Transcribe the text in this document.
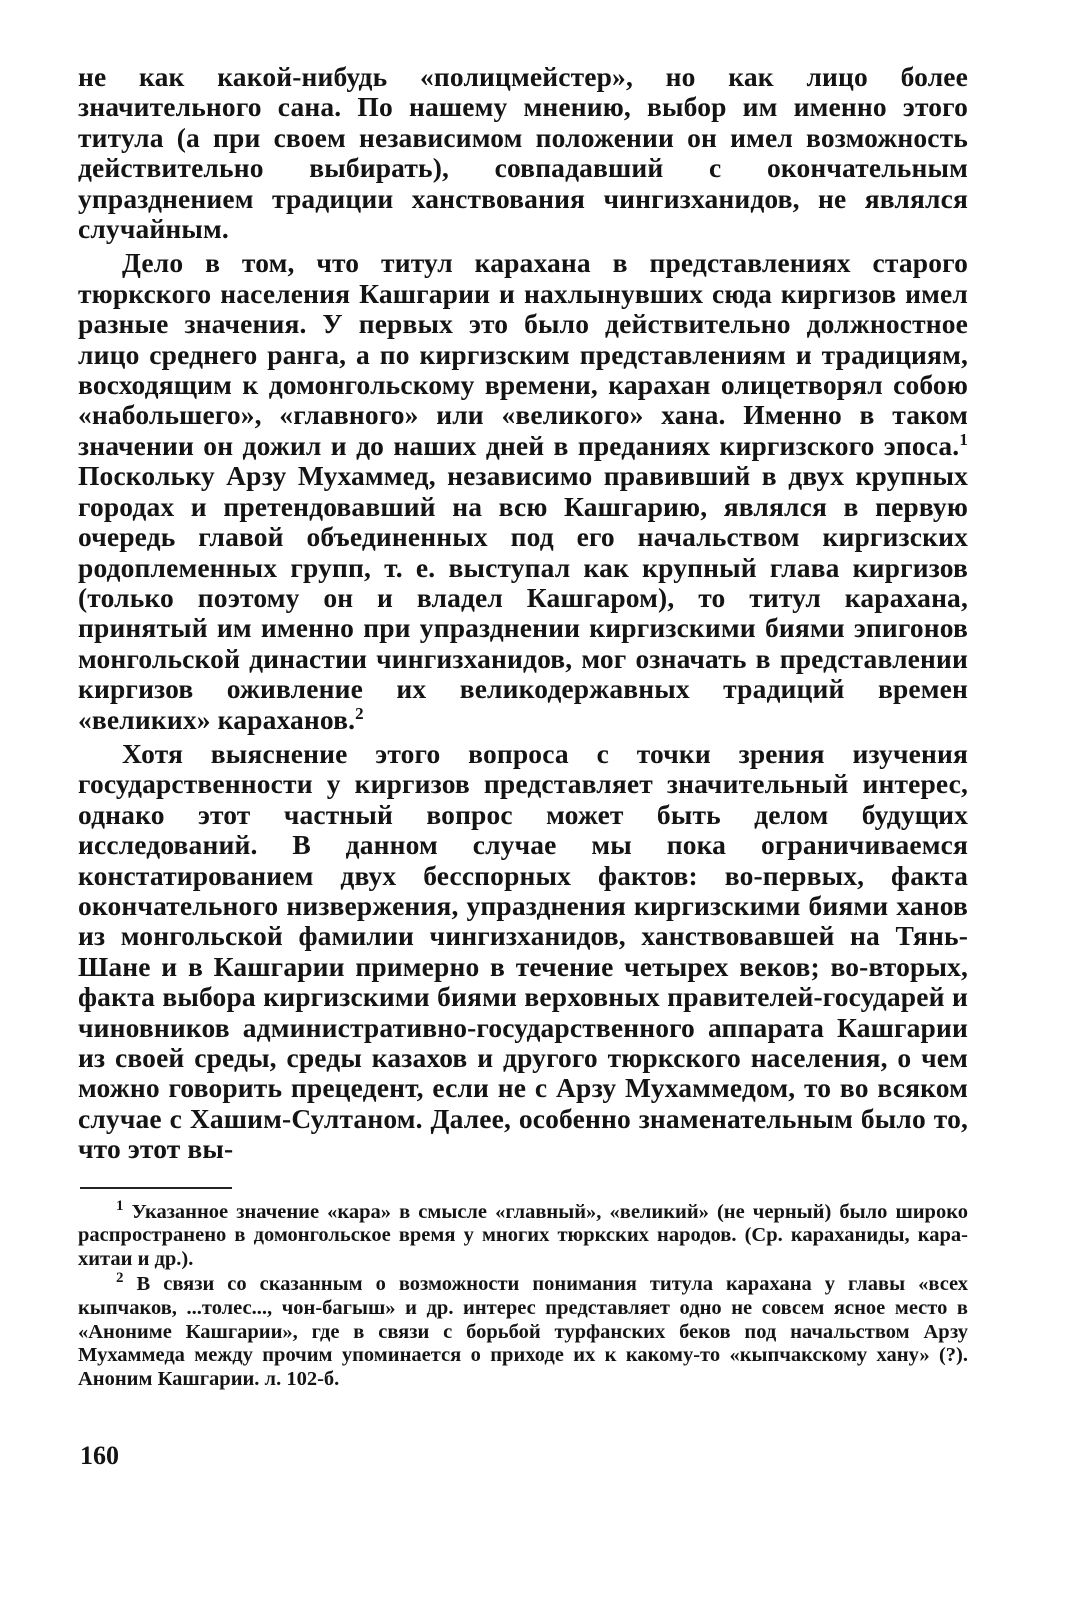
не как какой-нибудь «полицмейстер», но как лицо более значительного сана. По нашему мнению, выбор им именно этого титула (а при своем независимом положении он имел возможность действительно выбирать), совпадавший с окончательным упразднением традиции ханствования чингизханидов, не являлся случайным.

Дело в том, что титул карахана в представлениях старого тюркского населения Кашгарии и нахлынувших сюда киргизов имел разные значения. У первых это было действительно должностное лицо среднего ранга, а по киргизским представлениям и традициям, восходящим к домонгольскому времени, карахан олицетворял собою «набольшего», «главного» или «великого» хана. Именно в таком значении он дожил и до наших дней в преданиях киргизского эпоса.$^1$ Поскольку Арзу Мухаммед, независимо правивший в двух крупных городах и претендовавший на всю Кашгарию, являлся в первую очередь главой объединенных под его начальством киргизских родоплеменных групп, т. е. выступал как крупный глава киргизов (только поэтому он и владел Кашгаром), то титул карахана, принятый им именно при упразднении киргизскими биями эпигонов монгольской династии чингизханидов, мог означать в представлении киргизов оживление их великодержавных традиций времен «великих» караханов.$^2$

Хотя выяснение этого вопроса с точки зрения изучения государственности у киргизов представляет значительный интерес, однако этот частный вопрос может быть делом будущих исследований. В данном случае мы пока ограничиваемся констатированием двух бесспорных фактов: во-первых, факта окончательного низвержения, упразднения киргизскими биями ханов из монгольской фамилии чингизханидов, ханствовавшей на Тянь-Шане и в Кашгарии примерно в течение четырех веков; во-вторых, факта выбора киргизскими биями верховных правителей-государей и чиновников административно-государственного аппарата Кашгарии из своей среды, среды казахов и другого тюркского населения, о чем можно говорить прецедент, если не с Арзу Мухаммедом, то во всяком случае с Хашим-Султаном. Далее, особенно знаменательным было то, что этот вы-

$^1$ Указанное значение «кара» в смысле «главный», «великий» (не черный) было широко распространено в домонгольское время у многих тюркских народов. (Ср. караханиды, кара-хитаи и др.).

$^2$ В связи со сказанным о возможности понимания титула карахана у главы «всех кыпчаков, ...толес..., чон-багыш» и др. интерес представляет одно не совсем ясное место в «Анониме Кашгарии», где в связи с борьбой турфанских беков под начальством Арзу Мухаммеда между прочим упоминается о приходе их к какому-то «кыпчакскому хану» (?). Аноним Кашгарии. л. 102-б.

160
